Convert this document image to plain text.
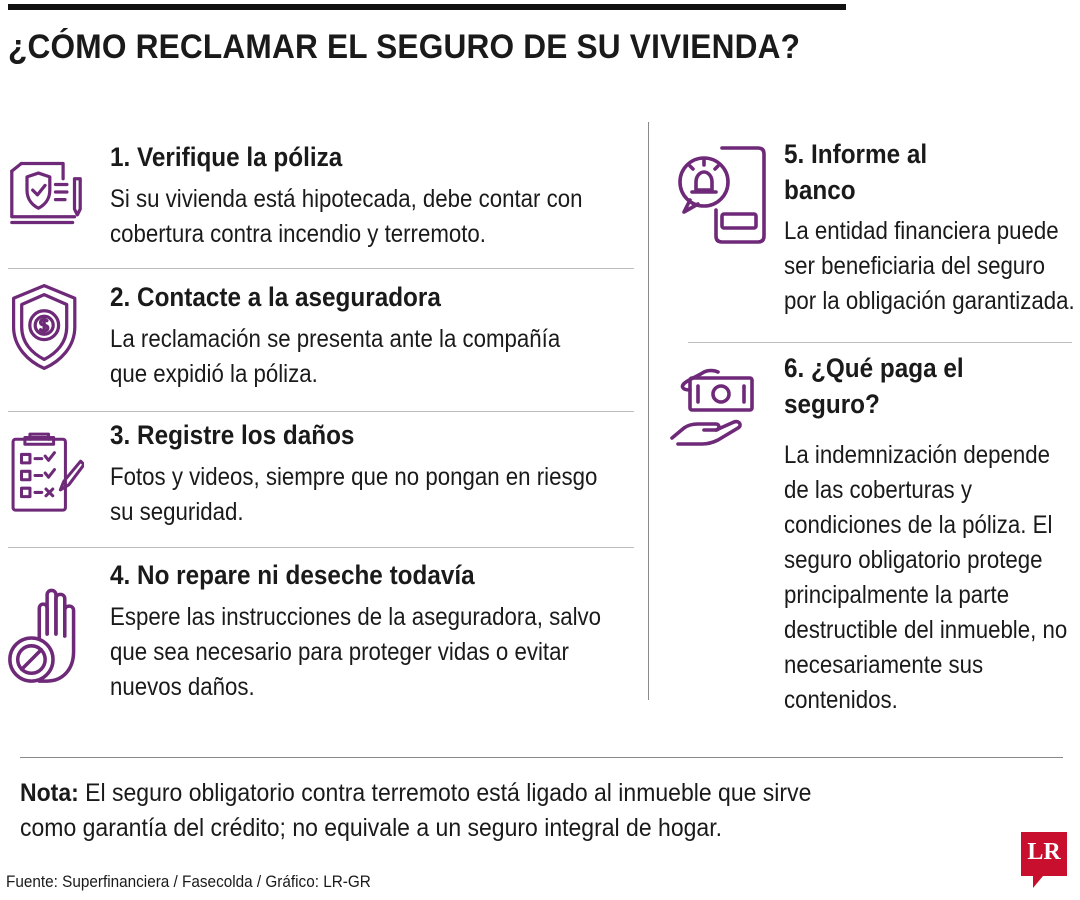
¿CÓMO RECLAMAR EL SEGURO DE SU VIVIENDA?
1. Verifique la póliza

Si su vivienda está hipotecada, debe contar con
cobertura contra incendio y terremoto.

2. Contacte a la aseguradora

La reclamación se presenta ante la compañía
que expidió la póliza.

3. Registre los daños

Fotos y videos, siempre que no pongan en riesgo
su seguridad.

4. No repare ni deseche todavía

Espere las instrucciones de la aseguradora, salvo
que sea necesario para proteger vidas o evitar
nuevos daños.

5. Informe al banco

La entidad financiera puede ser beneficiaria del seguro por la obligación garantizada.

6. ¿Qué paga el seguro?

La indemnización depende de las coberturas y condiciones de la póliza. El seguro obligatorio protege principalmente la parte destructible del inmueble, no necesariamente sus contenidos.

Nota: El seguro obligatorio contra terremoto está ligado al inmueble que sirve como garantía del crédito; no equivale a un seguro integral de hogar.

Fuente: Superfinanciera / Fasecolda / Gráfico: LR-GR

LR
